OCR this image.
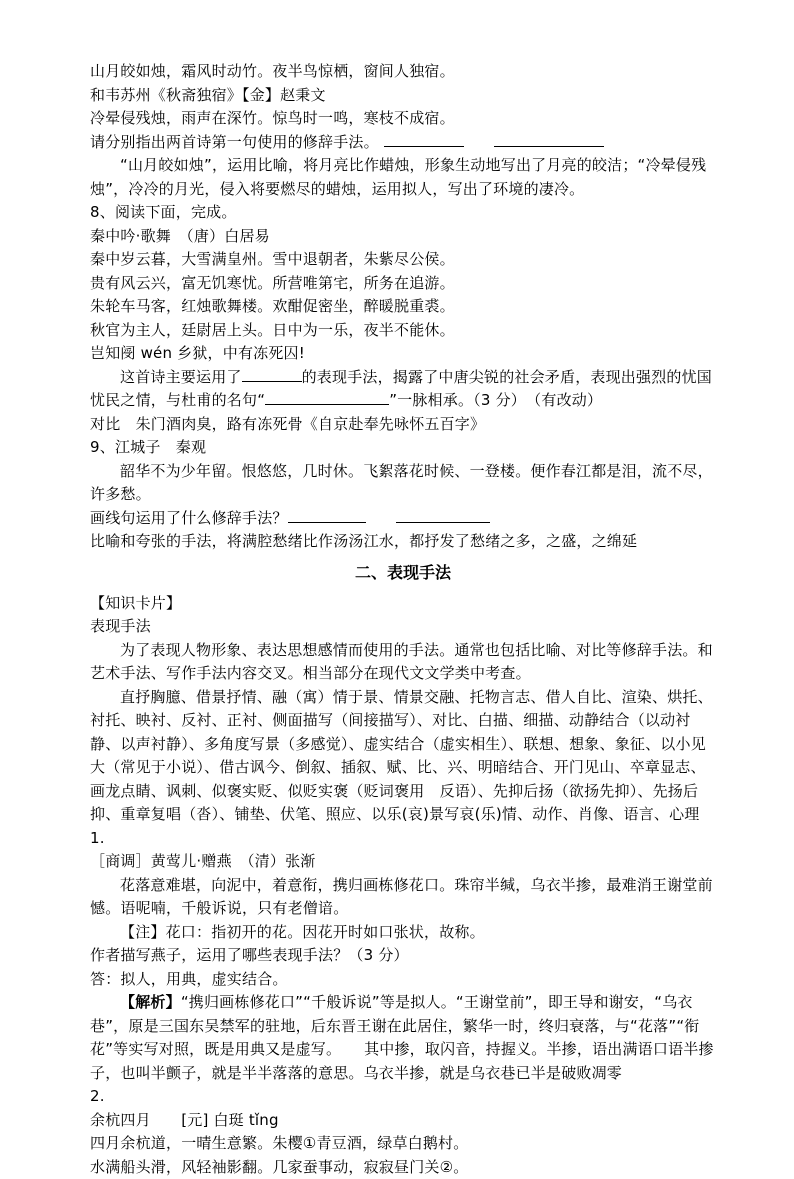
山月皎如烛，霜风时动竹。夜半鸟惊栖，窗间人独宿。

和韦苏州《秋斋独宿》【金】赵秉文

冷晕侵残烛，雨声在深竹。惊鸟时一鸣，寒枝不成宿。

请分别指出两首诗第一句使用的修辞手法。

“山月皎如烛”，运用比喻，将月亮比作蜡烛，形象生动地写出了月亮的皎洁；“冷晕侵残烛”，冷冷的月光，侵入将要燃尽的蜡烛，运用拟人，写出了环境的凄冷。

8、阅读下面，完成。

秦中吟·歌舞　（唐）白居易

秦中岁云暮，大雪满皇州。雪中退朝者，朱紫尽公侯。

贵有风云兴，富无饥寒忧。所营唯第宅，所务在追游。

朱轮车马客，红烛歌舞楼。欢酣促密坐，醉暖脱重裘。

秋官为主人，廷尉居上头。日中为一乐，夜半不能休。

岂知阌 wén 乡狱，中有冻死囚!

这首诗主要运用了	的表现手法，揭露了中唐尖锐的社会矛盾，表现出强烈的忧国忧民之情，与杜甫的名句“	”一脉相承。（3 分）　（有改动）

对比　朱门酒肉臭，路有冻死骨《自京赴奉先咏怀五百字》

9、江城子　秦观

韶华不为少年留。恨悠悠，几时休。飞絮落花时候、一登楼。便作春江都是泪，流不尽，许多愁。

画线句运用了什么修辞手法？

比喻和夸张的手法，将满腔愁绪比作汤汤江水，都抒发了愁绪之多，之盛，之绵延

二、表现手法

【知识卡片】

表现手法

为了表现人物形象、表达思想感情而使用的手法。通常也包括比喻、对比等修辞手法。和艺术手法、写作手法内容交叉。相当部分在现代文文学类中考查。

直抒胸臆、借景抒情、融（寓）情于景、情景交融、托物言志、借人自比、渲染、烘托、衬托、映衬、反衬、正衬、侧面描写（间接描写）、对比、白描、细描、动静结合（以动衬静、以声衬静）、多角度写景（多感觉）、虚实结合（虚实相生）、联想、想象、象征、以小见大（常见于小说）、借古讽今、倒叙、插叙、赋、比、兴、明暗结合、开门见山、卒章显志、画龙点睛、讽刺、似褒实贬、似贬实褒（贬词褒用　反语）、先抑后扬（欲扬先抑）、先扬后抑、重章复唱（沓）、铺垫、伏笔、照应、以乐(哀)景写哀(乐)情、动作、肖像、语言、心理

1.

［商调］黄莺儿·赠燕　（清）张渐

花落意难堪，向泥中，着意衔，携归画栋修花口。珠帘半缄，乌衣半掺，最难消王谢堂前憾。语呢喃，千般诉说，只有老僧谙。

【注】花口：指初开的花。因花开时如口张状，故称。

作者描写燕子，运用了哪些表现手法？（3 分）

答：拟人，用典，虚实结合。

【解析】“携归画栋修花口”“千般诉说”等是拟人。“王谢堂前”，即王导和谢安，“乌衣巷”，原是三国东吴禁军的驻地，后东晋王谢在此居住，繁华一时，终归衰落，与“花落”“衔花”等实写对照，既是用典又是虚写。　　其中掺，取闪音，持握义。半掺，语出满语口语半掺子，也叫半颤子，就是半半落落的意思。乌衣半掺，就是乌衣巷已半是破败凋零

2.

余杭四月　　[元] 白珽 tǐng

四月余杭道，一晴生意繁。朱樱①青豆酒，绿草白鹅村。

水满船头滑，风轻袖影翻。几家蚕事动，寂寂昼门关②。
